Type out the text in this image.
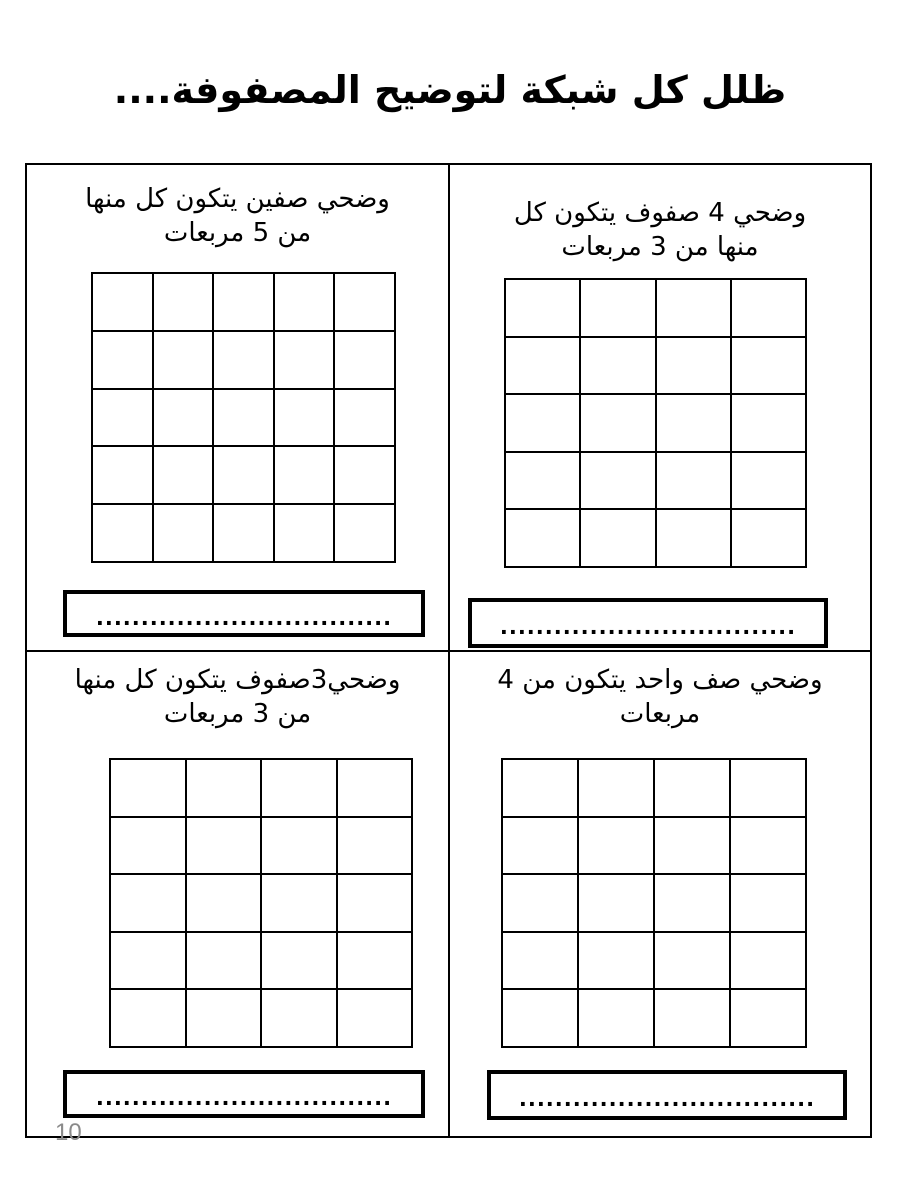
ظلل كل شبكة لتوضيح المصفوفة....
وضحي صفين يتكون كل منها
من 5 مربعات
.................................
وضحي 4 صفوف يتكون كل
منها من 3 مربعات
.................................
وضحي3صفوف يتكون كل منها
من 3 مربعات
.................................
وضحي صف واحد يتكون من 4
مربعات
.................................
10
